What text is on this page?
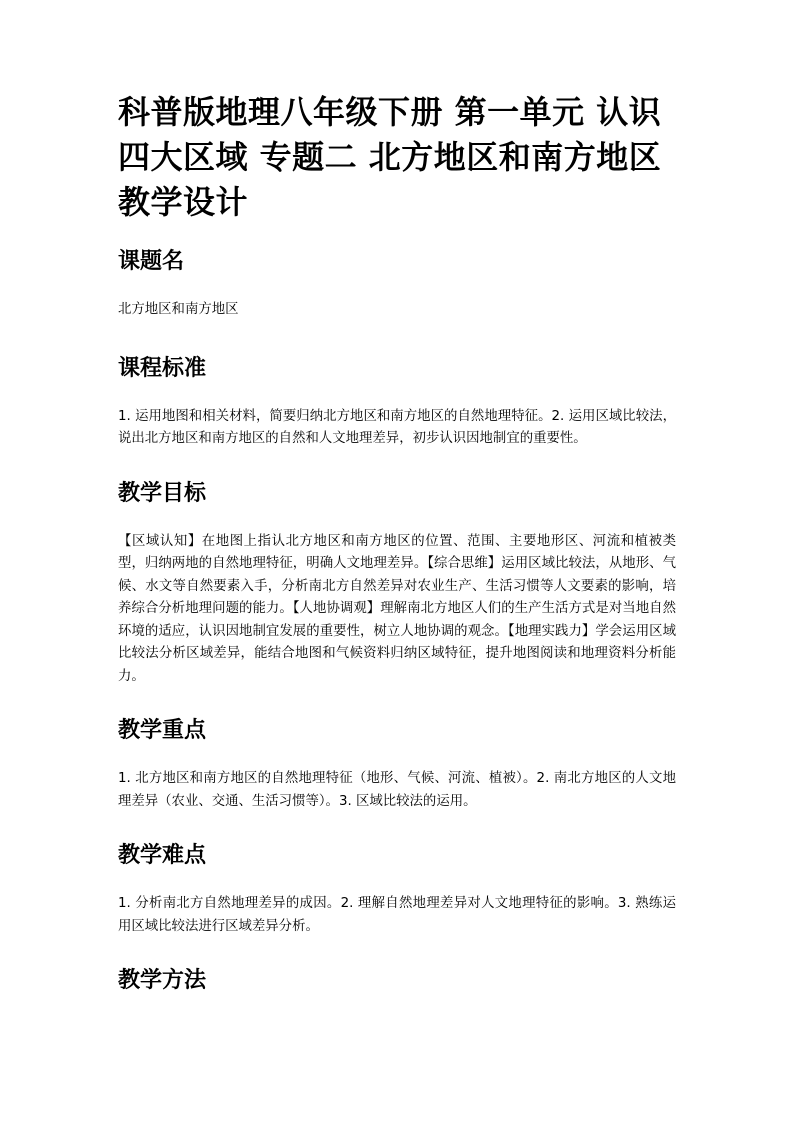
科普版地理八年级下册 第一单元 认识
四大区域 专题二 北方地区和南方地区
教学设计
课题名

北方地区和南方地区

课程标准

1. 运用地图和相关材料，简要归纳北方地区和南方地区的自然地理特征。2. 运用区域比较法，说出北方地区和南方地区的自然和人文地理差异，初步认识因地制宜的重要性。

教学目标

【区域认知】在地图上指认北方地区和南方地区的位置、范围、主要地形区、河流和植被类型，归纳两地的自然地理特征，明确人文地理差异。【综合思维】运用区域比较法，从地形、气候、水文等自然要素入手，分析南北方自然差异对农业生产、生活习惯等人文要素的影响，培养综合分析地理问题的能力。【人地协调观】理解南北方地区人们的生产生活方式是对当地自然环境的适应，认识因地制宜发展的重要性，树立人地协调的观念。【地理实践力】学会运用区域比较法分析区域差异，能结合地图和气候资料归纳区域特征，提升地图阅读和地理资料分析能力。

教学重点

1. 北方地区和南方地区的自然地理特征（地形、气候、河流、植被）。2. 南北方地区的人文地理差异（农业、交通、生活习惯等）。3. 区域比较法的运用。

教学难点

1. 分析南北方自然地理差异的成因。2. 理解自然地理差异对人文地理特征的影响。3. 熟练运用区域比较法进行区域差异分析。

教学方法
